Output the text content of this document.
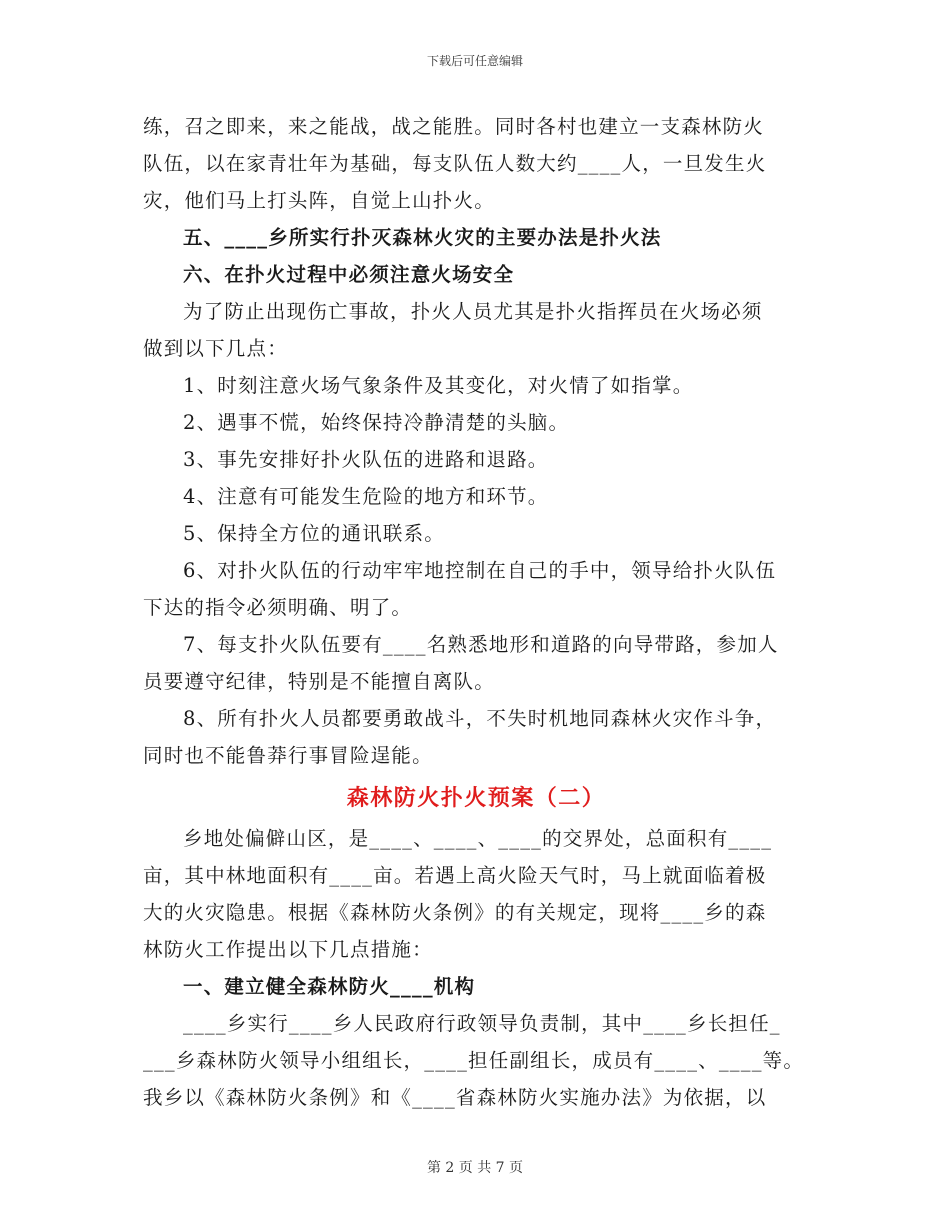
下载后可任意编辑

练，召之即来，来之能战，战之能胜。同时各村也建立一支森林防火

队伍，以在家青壮年为基础，每支队伍人数大约____人，一旦发生火

灾，他们马上打头阵，自觉上山扑火。

五、____乡所实行扑灭森林火灾的主要办法是扑火法

六、在扑火过程中必须注意火场安全

为了防止出现伤亡事故，扑火人员尤其是扑火指挥员在火场必须

做到以下几点：

1、时刻注意火场气象条件及其变化，对火情了如指掌。

2、遇事不慌，始终保持冷静清楚的头脑。

3、事先安排好扑火队伍的进路和退路。

4、注意有可能发生危险的地方和环节。

5、保持全方位的通讯联系。

6、对扑火队伍的行动牢牢地控制在自己的手中，领导给扑火队伍

下达的指令必须明确、明了。

7、每支扑火队伍要有____名熟悉地形和道路的向导带路，参加人

员要遵守纪律，特别是不能擅自离队。

8、所有扑火人员都要勇敢战斗，不失时机地同森林火灾作斗争，

同时也不能鲁莽行事冒险逞能。

森林防火扑火预案（二）

乡地处偏僻山区，是____、____、____的交界处，总面积有____

亩，其中林地面积有____亩。若遇上高火险天气时，马上就面临着极

大的火灾隐患。根据《森林防火条例》的有关规定，现将____乡的森

林防火工作提出以下几点措施：

一、建立健全森林防火____机构

____乡实行____乡人民政府行政领导负责制，其中____乡长担任_

___乡森林防火领导小组组长，____担任副组长，成员有____、____等。

我乡以《森林防火条例》和《____省森林防火实施办法》为依据，以

第 2 页 共 7 页
